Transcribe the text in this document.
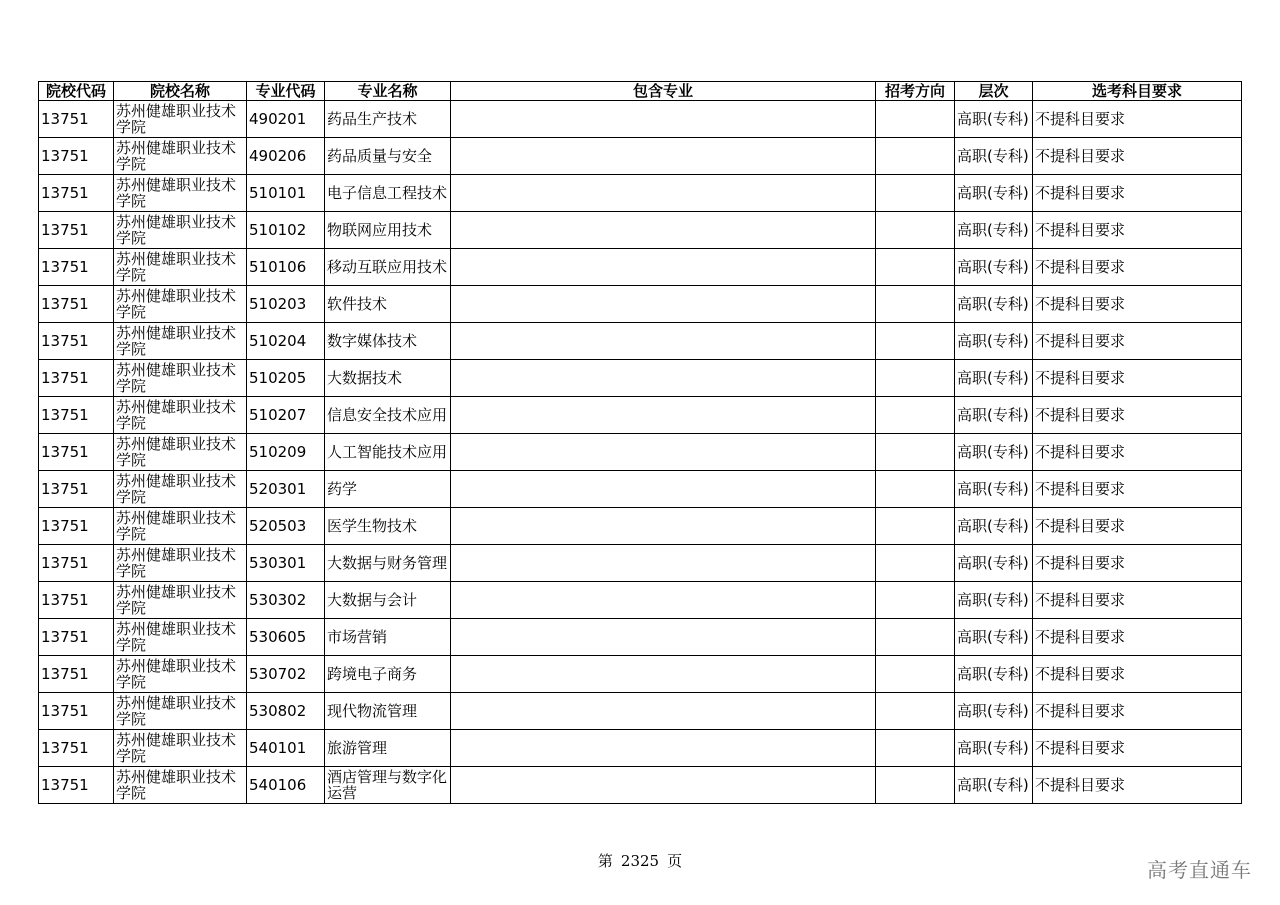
院校代码	院校名称	专业代码	专业名称	包含专业	招考方向	层次	选考科目要求
13751	苏州健雄职业技术学院	490201	药品生产技术			高职(专科)	不提科目要求
13751	苏州健雄职业技术学院	490206	药品质量与安全			高职(专科)	不提科目要求
13751	苏州健雄职业技术学院	510101	电子信息工程技术			高职(专科)	不提科目要求
13751	苏州健雄职业技术学院	510102	物联网应用技术			高职(专科)	不提科目要求
13751	苏州健雄职业技术学院	510106	移动互联应用技术			高职(专科)	不提科目要求
13751	苏州健雄职业技术学院	510203	软件技术			高职(专科)	不提科目要求
13751	苏州健雄职业技术学院	510204	数字媒体技术			高职(专科)	不提科目要求
13751	苏州健雄职业技术学院	510205	大数据技术			高职(专科)	不提科目要求
13751	苏州健雄职业技术学院	510207	信息安全技术应用			高职(专科)	不提科目要求
13751	苏州健雄职业技术学院	510209	人工智能技术应用			高职(专科)	不提科目要求
13751	苏州健雄职业技术学院	520301	药学			高职(专科)	不提科目要求
13751	苏州健雄职业技术学院	520503	医学生物技术			高职(专科)	不提科目要求
13751	苏州健雄职业技术学院	530301	大数据与财务管理			高职(专科)	不提科目要求
13751	苏州健雄职业技术学院	530302	大数据与会计			高职(专科)	不提科目要求
13751	苏州健雄职业技术学院	530605	市场营销			高职(专科)	不提科目要求
13751	苏州健雄职业技术学院	530702	跨境电子商务			高职(专科)	不提科目要求
13751	苏州健雄职业技术学院	530802	现代物流管理			高职(专科)	不提科目要求
13751	苏州健雄职业技术学院	540101	旅游管理			高职(专科)	不提科目要求
13751	苏州健雄职业技术学院	540106	酒店管理与数字化运营			高职(专科)	不提科目要求
第 2325 页	高考直通车
